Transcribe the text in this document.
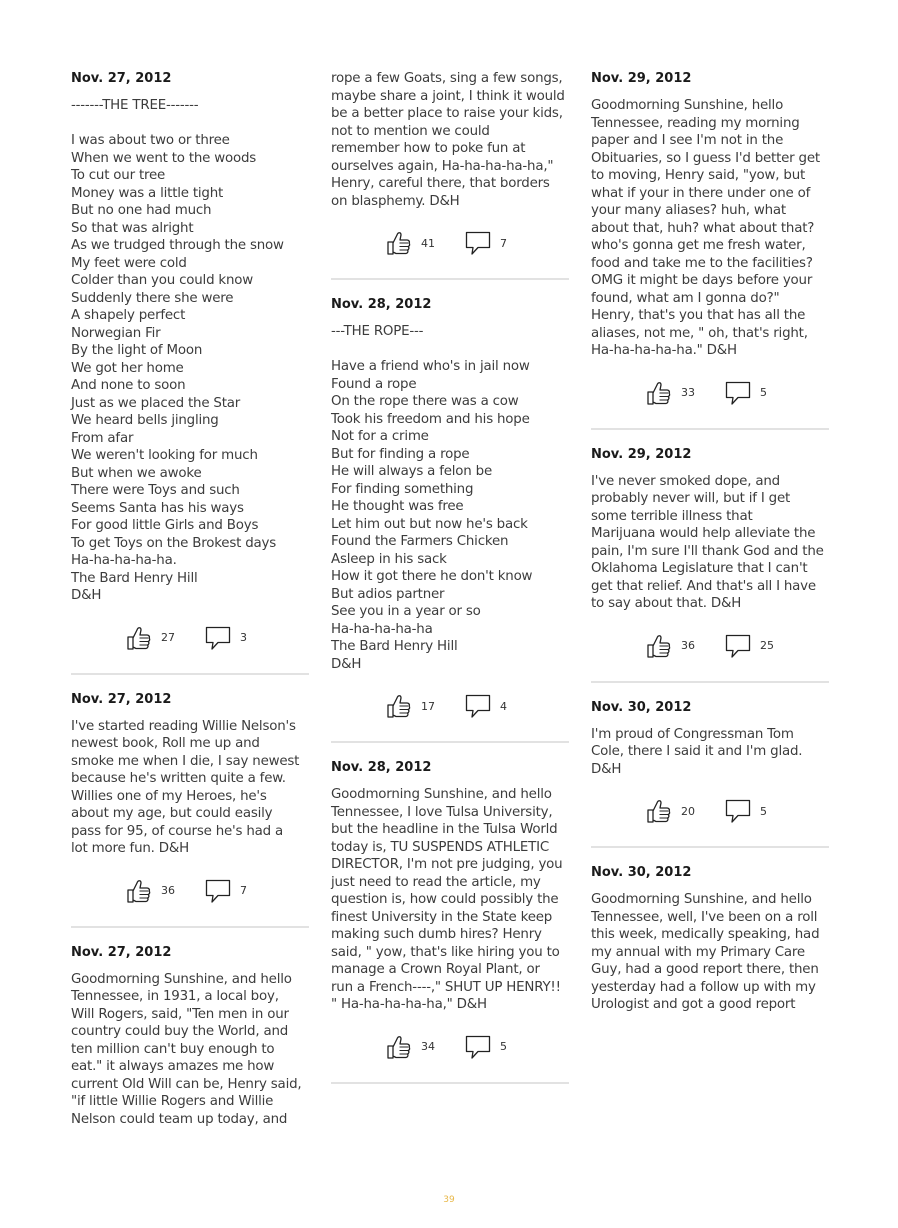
Nov. 27, 2012
-------THE TREE-------

I was about two or three
When we went to the woods
To cut our tree
Money was a little tight
But no one had much
So that was alright
As we trudged through the snow
My feet were cold
Colder than you could know
Suddenly there she were
A shapely perfect
Norwegian Fir
By the light of Moon
We got her home
And none to soon
Just as we placed the Star
We heard bells jingling
From afar
We weren't looking for much
But when we awoke
There were Toys and such
Seems Santa has his ways
For good little Girls and Boys
To get Toys on the Brokest days
Ha-ha-ha-ha-ha.
The Bard Henry Hill
D&H
27	3
Nov. 27, 2012
I've started reading Willie Nelson's
newest book, Roll me up and
smoke me when I die, I say newest
because he's written quite a few.
Willies one of my Heroes, he's
about my age, but could easily
pass for 95, of course he's had a
lot more fun. D&H
36	7
Nov. 27, 2012
Goodmorning Sunshine, and hello
Tennessee, in 1931, a local boy,
Will Rogers, said, "Ten men in our
country could buy the World, and
ten million can't buy enough to
eat." it always amazes me how
current Old Will can be, Henry said,
"if little Willie Rogers and Willie
Nelson could team up today, and
rope a few Goats, sing a few songs,
maybe share a joint, I think it would
be a better place to raise your kids,
not to mention we could
remember how to poke fun at
ourselves again, Ha-ha-ha-ha-ha,"
Henry, careful there, that borders
on blasphemy. D&H
41	7
Nov. 28, 2012
---THE ROPE---

Have a friend who's in jail now
Found a rope
On the rope there was a cow
Took his freedom and his hope
Not for a crime
But for finding a rope
He will always a felon be
For finding something
He thought was free
Let him out but now he's back
Found the Farmers Chicken
Asleep in his sack
How it got there he don't know
But adios partner
See you in a year or so
Ha-ha-ha-ha-ha
The Bard Henry Hill
D&H
17	4
Nov. 28, 2012
Goodmorning Sunshine, and hello
Tennessee, I love Tulsa University,
but the headline in the Tulsa World
today is, TU SUSPENDS ATHLETIC
DIRECTOR, I'm not pre judging, you
just need to read the article, my
question is, how could possibly the
finest University in the State keep
making such dumb hires? Henry
said, " yow, that's like hiring you to
manage a Crown Royal Plant, or
run a French----," SHUT UP HENRY!!
" Ha-ha-ha-ha-ha," D&H
34	5
Nov. 29, 2012
Goodmorning Sunshine, hello
Tennessee, reading my morning
paper and I see I'm not in the
Obituaries, so I guess I'd better get
to moving, Henry said, "yow, but
what if your in there under one of
your many aliases? huh, what
about that, huh? what about that?
who's gonna get me fresh water,
food and take me to the facilities?
OMG it might be days before your
found, what am I gonna do?"
Henry, that's you that has all the
aliases, not me, " oh, that's right,
Ha-ha-ha-ha-ha." D&H
33	5
Nov. 29, 2012
I've never smoked dope, and
probably never will, but if I get
some terrible illness that
Marijuana would help alleviate the
pain, I'm sure I'll thank God and the
Oklahoma Legislature that I can't
get that relief. And that's all I have
to say about that. D&H
36	25
Nov. 30, 2012
I'm proud of Congressman Tom
Cole, there I said it and I'm glad.
D&H
20	5
Nov. 30, 2012
Goodmorning Sunshine, and hello
Tennessee, well, I've been on a roll
this week, medically speaking, had
my annual with my Primary Care
Guy, had a good report there, then
yesterday had a follow up with my
Urologist and got a good report
39
